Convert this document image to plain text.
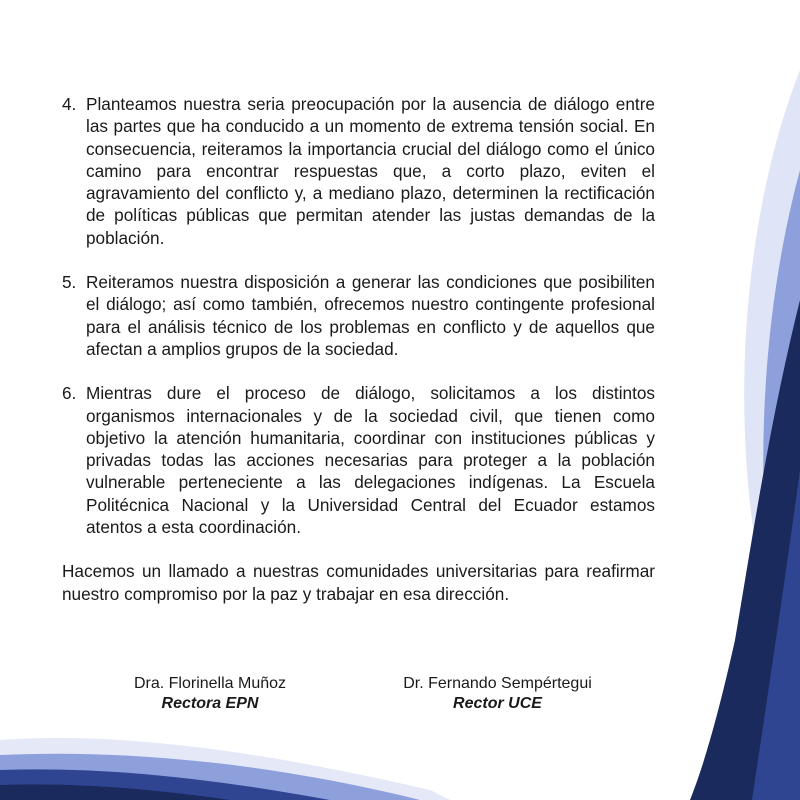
4. Planteamos nuestra seria preocupación por la ausencia de diálogo entre las partes que ha conducido a un momento de extrema tensión social. En consecuencia, reiteramos la importancia crucial del diálogo como el único camino para encontrar respuestas que, a corto plazo, eviten el agravamiento del conflicto y, a mediano plazo, determinen la rectificación de políticas públicas que permitan atender las justas demandas de la población.
5. Reiteramos nuestra disposición a generar las condiciones que posibiliten el diálogo; así como también, ofrecemos nuestro contingente profesional para el análisis técnico de los problemas en conflicto y de aquellos que afectan a amplios grupos de la sociedad.
6. Mientras dure el proceso de diálogo, solicitamos a los distintos organismos internacionales y de la sociedad civil, que tienen como objetivo la atención humanitaria, coordinar con instituciones públicas y privadas todas las acciones necesarias para proteger a la población vulnerable perteneciente a las delegaciones indígenas. La Escuela Politécnica Nacional y la Universidad Central del Ecuador estamos atentos a esta coordinación.

Hacemos un llamado a nuestras comunidades universitarias para reafirmar nuestro compromiso por la paz y trabajar en esa dirección.

Dra. Florinella Muñoz
Rectora EPN
Dr. Fernando Sempértegui
Rector UCE
